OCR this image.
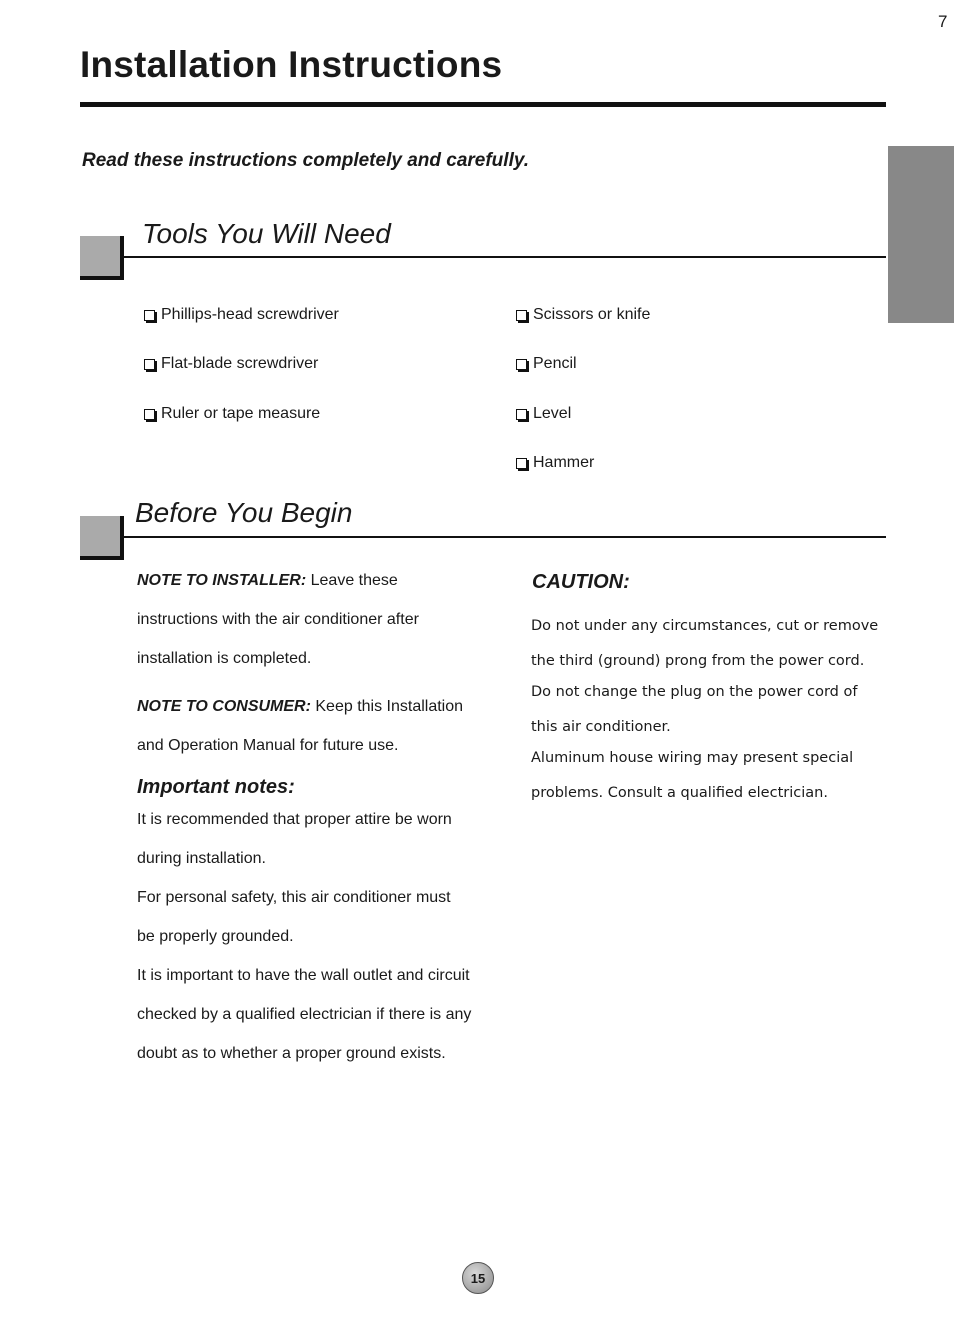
7
Installation Instructions
Read these instructions completely and carefully.
Tools You Will Need
Phillips-head screwdriver
Flat-blade screwdriver
Ruler or tape measure
Scissors or knife
Pencil
Level
Hammer
Before You Begin
NOTE TO INSTALLER: Leave these
instructions with the air conditioner after
installation is completed.
NOTE TO CONSUMER: Keep this Installation
and Operation Manual for future use.
Important notes:
It is recommended that proper attire be worn
during installation.
For personal safety, this air conditioner must
be properly grounded.
It is important to have the wall outlet and circuit
checked by a qualified electrician if there is any
doubt as to whether a proper ground exists.
CAUTION:
Do not under any circumstances, cut or remove
the third (ground) prong from the power cord.
Do not change the plug on the power cord of
this air conditioner.
Aluminum house wiring may present special
problems. Consult a qualified electrician.
15
